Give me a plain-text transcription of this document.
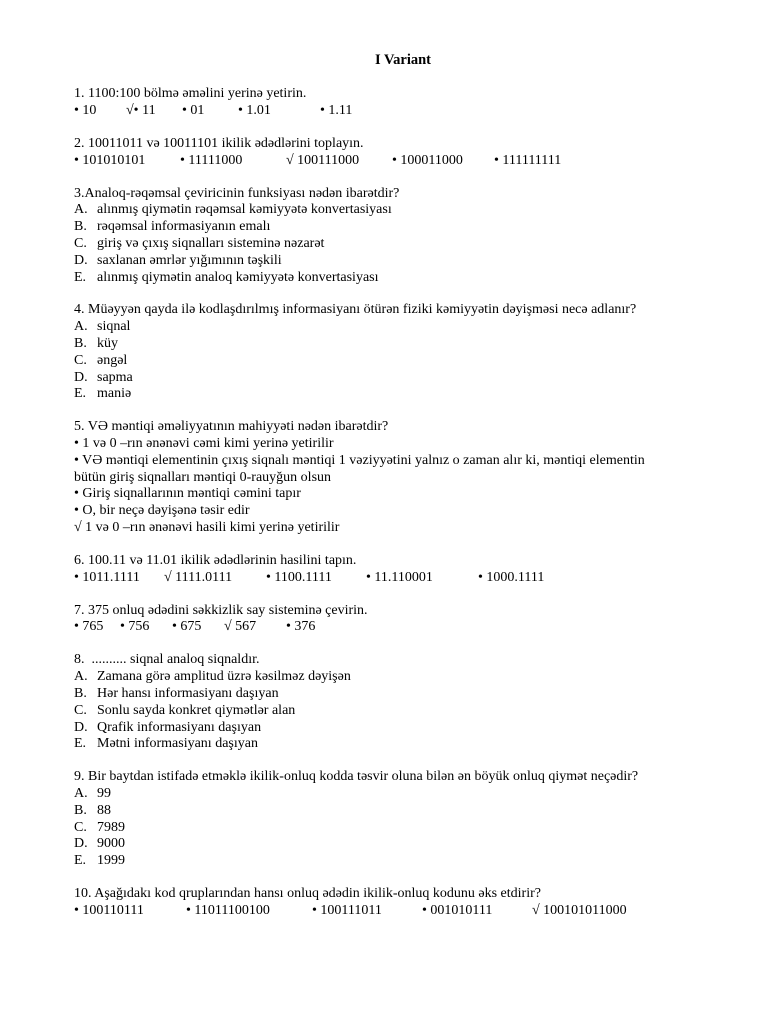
I Variant
1. 1100:100 bölmə əməlini yerinə yetirin.
• 10 √• 11 • 01 • 1.01	• 1.11
2. 10011011 və 10011101 ikilik ədədlərini toplayın.
• 101010101 • 11111000	√ 100111000 • 100011000 • 111111111
3.Analoq-rəqəmsal çeviricinin funksiyası nədən ibarətdir?
A. alınmış qiymətin rəqəmsal kəmiyyətə konvertasiyası
B. rəqəmsal informasiyanın emalı
C. giriş və çıxış siqnalları sisteminə nəzarət
D. saxlanan əmrlər yığımının təşkili
E. alınmış qiymətin analoq kəmiyyətə konvertasiyası
4. Müəyyən qayda ilə kodlaşdırılmış informasiyanı ötürən fiziki kəmiyyətin dəyişməsi necə adlanır?
A. siqnal
B. küy
C. əngəl
D. sapma
E. maniə
5. VƏ məntiqi əməliyyatının mahiyyəti nədən ibarətdir?
• 1 və 0 –rın ənənəvi cəmi kimi yerinə yetirilir
• VƏ məntiqi elementinin çıxış siqnalı məntiqi 1 vəziyyətini yalnız o zaman alır ki, məntiqi elementin
bütün giriş siqnalları məntiqi 0-rauyğun olsun
• Giriş siqnallarının məntiqi cəmini tapır
• O, bir neçə dəyişənə təsir edir
√ 1 və 0 –rın ənənəvi hasili kimi yerinə yetirilir
6. 100.11 və 11.01 ikilik ədədlərinin hasilini tapın.
• 1011.1111 √ 1111.0111 • 1100.1111 • 11.110001	• 1000.1111
7. 375 onluq ədədini səkkizlik say sisteminə çevirin.
• 765 • 756 • 675 √ 567 • 376
8.  .......... siqnal analoq siqnaldır.
A. Zamana görə amplitud üzrə kəsilməz dəyişən
B. Hər hansı informasiyanı daşıyan
C. Sonlu sayda konkret qiymətlər alan
D. Qrafik informasiyanı daşıyan
E. Mətni informasiyanı daşıyan
9. Bir baytdan istifadə etməklə ikilik-onluq kodda təsvir oluna bilən ən böyük onluq qiymət neçədir?
A. 99
B. 88
C. 7989
D. 9000
E. 1999
10. Aşağıdakı kod qruplarından hansı onluq ədədin ikilik-onluq kodunu əks etdirir?
• 100110111	• 11011100100	• 100111011	• 001010111	√ 100101011000
